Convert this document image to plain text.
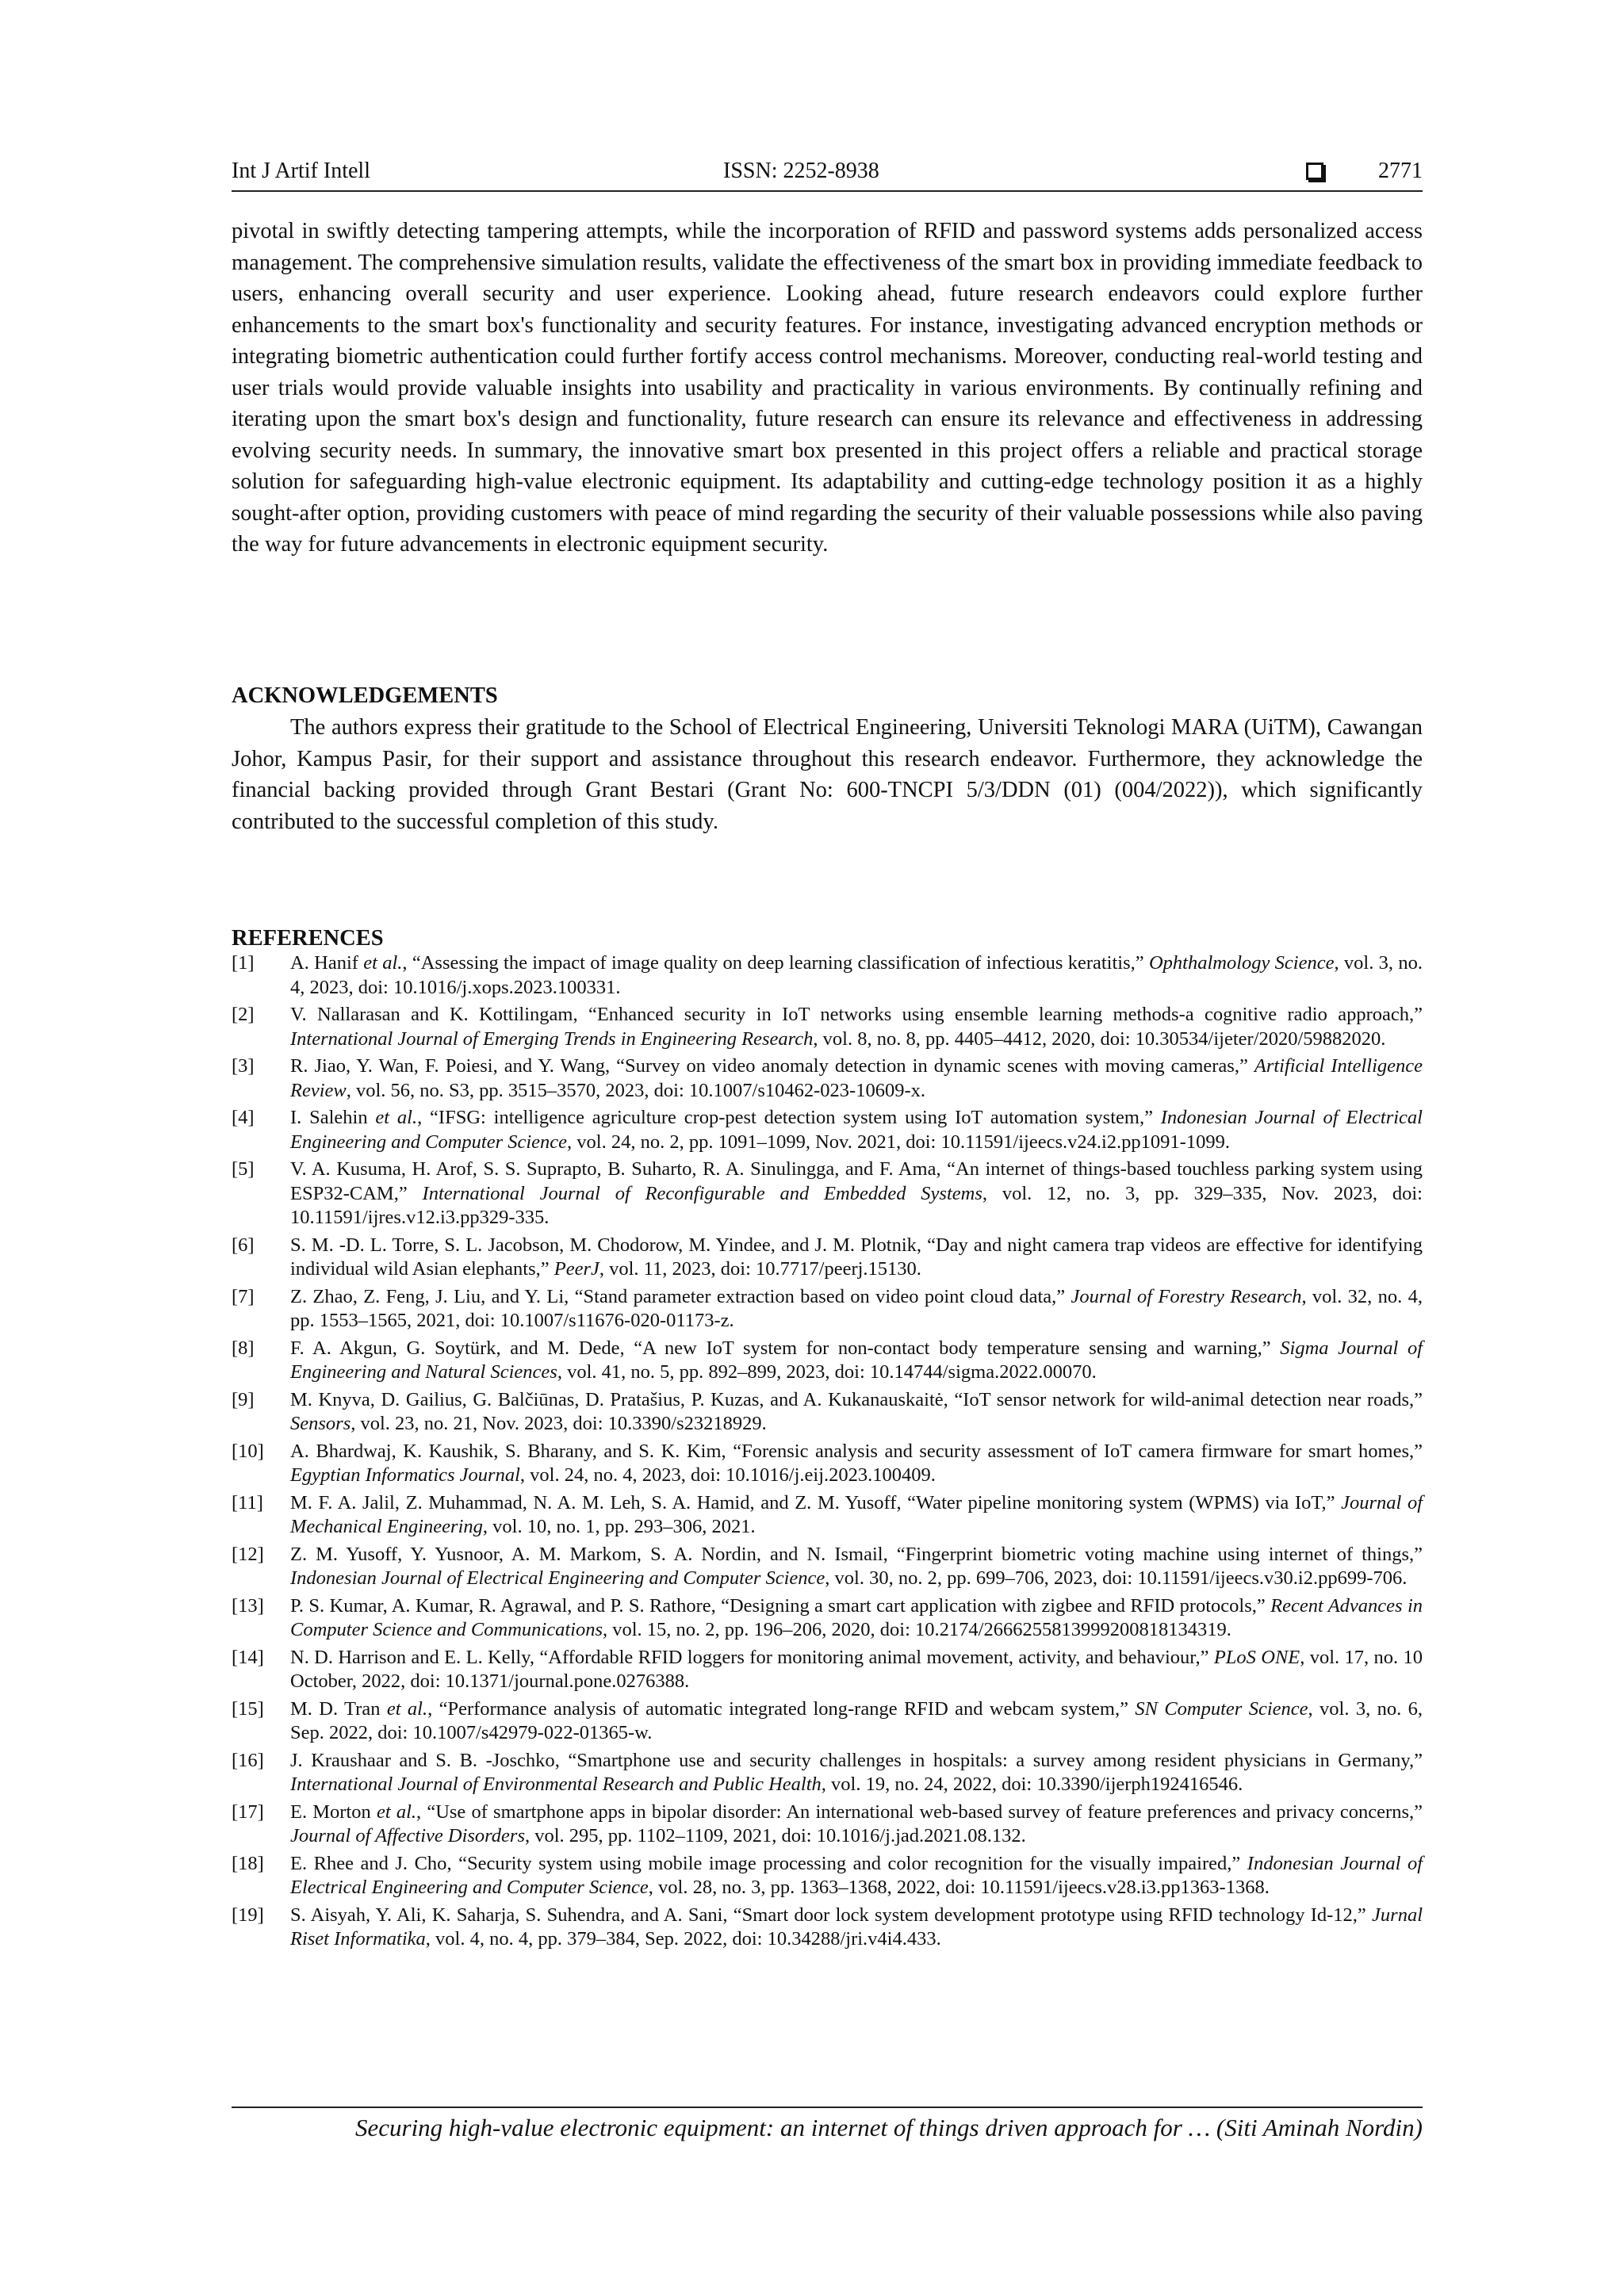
Int J Artif Intell	ISSN: 2252-8938	2771

pivotal in swiftly detecting tampering attempts, while the incorporation of RFID and password systems adds personalized access management. The comprehensive simulation results, validate the effectiveness of the smart box in providing immediate feedback to users, enhancing overall security and user experience. Looking ahead, future research endeavors could explore further enhancements to the smart box's functionality and security features. For instance, investigating advanced encryption methods or integrating biometric authentication could further fortify access control mechanisms. Moreover, conducting real-world testing and user trials would provide valuable insights into usability and practicality in various environments. By continually refining and iterating upon the smart box's design and functionality, future research can ensure its relevance and effectiveness in addressing evolving security needs. In summary, the innovative smart box presented in this project offers a reliable and practical storage solution for safeguarding high-value electronic equipment. Its adaptability and cutting-edge technology position it as a highly sought-after option, providing customers with peace of mind regarding the security of their valuable possessions while also paving the way for future advancements in electronic equipment security.

ACKNOWLEDGEMENTS

The authors express their gratitude to the School of Electrical Engineering, Universiti Teknologi MARA (UiTM), Cawangan Johor, Kampus Pasir, for their support and assistance throughout this research endeavor. Furthermore, they acknowledge the financial backing provided through Grant Bestari (Grant No: 600-TNCPI 5/3/DDN (01) (004/2022)), which significantly contributed to the successful completion of this study.

REFERENCES

[1] A. Hanif et al., “Assessing the impact of image quality on deep learning classification of infectious keratitis,” Ophthalmology Science, vol. 3, no. 4, 2023, doi: 10.1016/j.xops.2023.100331.

[2] V. Nallarasan and K. Kottilingam, “Enhanced security in IoT networks using ensemble learning methods-a cognitive radio approach,” International Journal of Emerging Trends in Engineering Research, vol. 8, no. 8, pp. 4405–4412, 2020, doi: 10.30534/ijeter/2020/59882020.

[3] R. Jiao, Y. Wan, F. Poiesi, and Y. Wang, “Survey on video anomaly detection in dynamic scenes with moving cameras,” Artificial Intelligence Review, vol. 56, no. S3, pp. 3515–3570, 2023, doi: 10.1007/s10462-023-10609-x.

[4] I. Salehin et al., “IFSG: intelligence agriculture crop-pest detection system using IoT automation system,” Indonesian Journal of Electrical Engineering and Computer Science, vol. 24, no. 2, pp. 1091–1099, Nov. 2021, doi: 10.11591/ijeecs.v24.i2.pp1091-1099.

[5] V. A. Kusuma, H. Arof, S. S. Suprapto, B. Suharto, R. A. Sinulingga, and F. Ama, “An internet of things-based touchless parking system using ESP32-CAM,” International Journal of Reconfigurable and Embedded Systems, vol. 12, no. 3, pp. 329–335, Nov. 2023, doi: 10.11591/ijres.v12.i3.pp329-335.

[6] S. M. -D. L. Torre, S. L. Jacobson, M. Chodorow, M. Yindee, and J. M. Plotnik, “Day and night camera trap videos are effective for identifying individual wild Asian elephants,” PeerJ, vol. 11, 2023, doi: 10.7717/peerj.15130.

[7] Z. Zhao, Z. Feng, J. Liu, and Y. Li, “Stand parameter extraction based on video point cloud data,” Journal of Forestry Research, vol. 32, no. 4, pp. 1553–1565, 2021, doi: 10.1007/s11676-020-01173-z.

[8] F. A. Akgun, G. Soytürk, and M. Dede, “A new IoT system for non-contact body temperature sensing and warning,” Sigma Journal of Engineering and Natural Sciences, vol. 41, no. 5, pp. 892–899, 2023, doi: 10.14744/sigma.2022.00070.

[9] M. Knyva, D. Gailius, G. Balčiūnas, D. Pratašius, P. Kuzas, and A. Kukanauskaitė, “IoT sensor network for wild-animal detection near roads,” Sensors, vol. 23, no. 21, Nov. 2023, doi: 10.3390/s23218929.

[10] A. Bhardwaj, K. Kaushik, S. Bharany, and S. K. Kim, “Forensic analysis and security assessment of IoT camera firmware for smart homes,” Egyptian Informatics Journal, vol. 24, no. 4, 2023, doi: 10.1016/j.eij.2023.100409.

[11] M. F. A. Jalil, Z. Muhammad, N. A. M. Leh, S. A. Hamid, and Z. M. Yusoff, “Water pipeline monitoring system (WPMS) via IoT,” Journal of Mechanical Engineering, vol. 10, no. 1, pp. 293–306, 2021.

[12] Z. M. Yusoff, Y. Yusnoor, A. M. Markom, S. A. Nordin, and N. Ismail, “Fingerprint biometric voting machine using internet of things,” Indonesian Journal of Electrical Engineering and Computer Science, vol. 30, no. 2, pp. 699–706, 2023, doi: 10.11591/ijeecs.v30.i2.pp699-706.

[13] P. S. Kumar, A. Kumar, R. Agrawal, and P. S. Rathore, “Designing a smart cart application with zigbee and RFID protocols,” Recent Advances in Computer Science and Communications, vol. 15, no. 2, pp. 196–206, 2020, doi: 10.2174/2666255813999200818134319.

[14] N. D. Harrison and E. L. Kelly, “Affordable RFID loggers for monitoring animal movement, activity, and behaviour,” PLoS ONE, vol. 17, no. 10 October, 2022, doi: 10.1371/journal.pone.0276388.

[15] M. D. Tran et al., “Performance analysis of automatic integrated long-range RFID and webcam system,” SN Computer Science, vol. 3, no. 6, Sep. 2022, doi: 10.1007/s42979-022-01365-w.

[16] J. Kraushaar and S. B. -Joschko, “Smartphone use and security challenges in hospitals: a survey among resident physicians in Germany,” International Journal of Environmental Research and Public Health, vol. 19, no. 24, 2022, doi: 10.3390/ijerph192416546.

[17] E. Morton et al., “Use of smartphone apps in bipolar disorder: An international web-based survey of feature preferences and privacy concerns,” Journal of Affective Disorders, vol. 295, pp. 1102–1109, 2021, doi: 10.1016/j.jad.2021.08.132.

[18] E. Rhee and J. Cho, “Security system using mobile image processing and color recognition for the visually impaired,” Indonesian Journal of Electrical Engineering and Computer Science, vol. 28, no. 3, pp. 1363–1368, 2022, doi: 10.11591/ijeecs.v28.i3.pp1363-1368.

[19] S. Aisyah, Y. Ali, K. Saharja, S. Suhendra, and A. Sani, “Smart door lock system development prototype using RFID technology Id-12,” Jurnal Riset Informatika, vol. 4, no. 4, pp. 379–384, Sep. 2022, doi: 10.34288/jri.v4i4.433.

Securing high-value electronic equipment: an internet of things driven approach for … (Siti Aminah Nordin)
